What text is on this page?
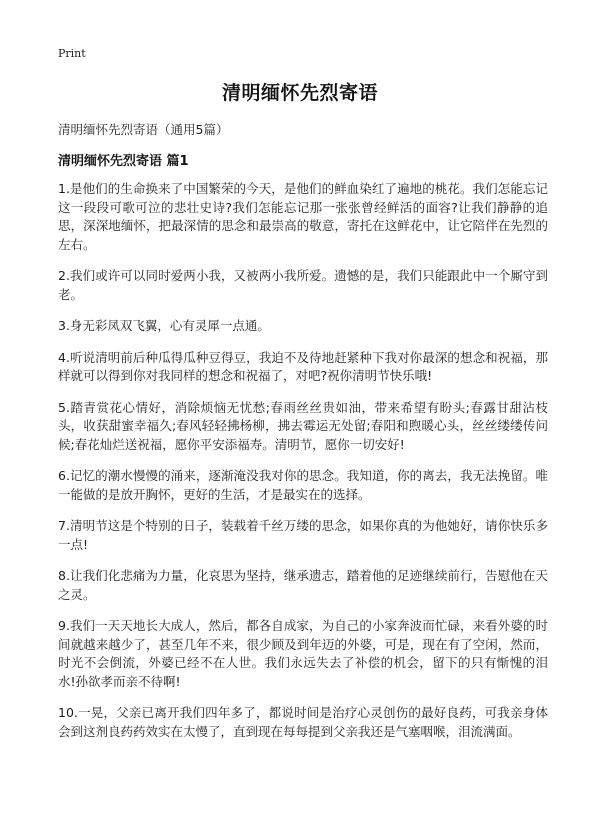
Print
清明缅怀先烈寄语
清明缅怀先烈寄语（通用5篇）
清明缅怀先烈寄语 篇1

1.是他们的生命换来了中国繁荣的今天，是他们的鲜血染红了遍地的桃花。我们怎能忘记这一段段可歌可泣的悲壮史诗?我们怎能忘记那一张张曾经鲜活的面容?让我们静静的追思，深深地缅怀，把最深情的思念和最崇高的敬意，寄托在这鲜花中，让它陪伴在先烈的左右。

2.我们或许可以同时爱两小我，又被两小我所爱。遗憾的是，我们只能跟此中一个厮守到老。

3.身无彩凤双飞翼，心有灵犀一点通。

4.听说清明前后种瓜得瓜种豆得豆，我迫不及待地赶紧种下我对你最深的想念和祝福，那样就可以得到你对我同样的想念和祝福了，对吧?祝你清明节快乐哦!

5.踏青赏花心情好，消除烦恼无忧愁;春雨丝丝贵如油，带来希望有盼头;春露甘甜沾枝头，收获甜蜜幸福久;春风轻轻拂杨柳，拂去霉运无处留;春阳和煦暖心头，丝丝缕缕传问候;春花灿烂送祝福，愿你平安添福寿。清明节，愿你一切安好!

6.记忆的潮水慢慢的涌来，逐渐淹没我对你的思念。我知道，你的离去，我无法挽留。唯一能做的是放开胸怀，更好的生活，才是最实在的选择。

7.清明节这是个特别的日子，装载着千丝万缕的思念，如果你真的为他她好，请你快乐多一点!

8.让我们化悲痛为力量，化哀思为坚持，继承遗志，踏着他的足迹继续前行，告慰他在天之灵。

9.我们一天天地长大成人，然后，都各自成家，为自己的小家奔波而忙碌，来看外婆的时间就越来越少了，甚至几年不来，很少顾及到年迈的外婆，可是，现在有了空闲，然而，时光不会倒流，外婆已经不在人世。我们永远失去了补偿的机会，留下的只有惭愧的泪水!孙欲孝而亲不待啊!

10.一晃，父亲已离开我们四年多了，都说时间是治疗心灵创伤的最好良药，可我亲身体会到这剂良药药效实在太慢了，直到现在每每提到父亲我还是气塞咽喉，泪流满面。
